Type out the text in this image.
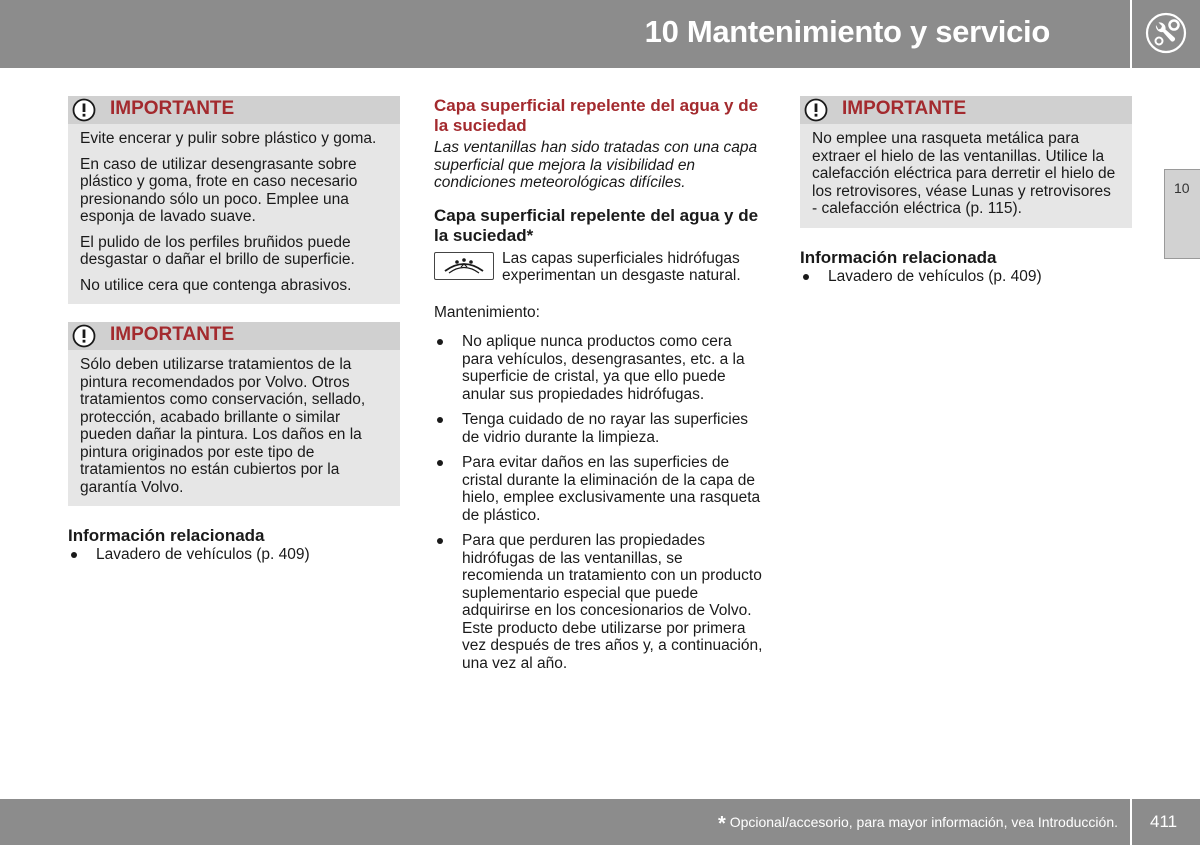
10 Mantenimiento y servicio
10
IMPORTANTE

Evite encerar y pulir sobre plástico y goma.

En caso de utilizar desengrasante sobre plástico y goma, frote en caso necesario presionando sólo un poco. Emplee una esponja de lavado suave.

El pulido de los perfiles bruñidos puede desgastar o dañar el brillo de superficie.

No utilice cera que contenga abrasivos.

IMPORTANTE

Sólo deben utilizarse tratamientos de la pintura recomendados por Volvo. Otros tratamientos como conservación, sellado, protección, acabado brillante o similar pueden dañar la pintura. Los daños en la pintura originados por este tipo de tratamientos no están cubiertos por la garantía Volvo.

Información relacionada
Lavadero de vehículos (p. 409)
Capa superficial repelente del agua y de la suciedad

Las ventanillas han sido tratadas con una capa superficial que mejora la visibilidad en condiciones meteorológicas difíciles.

Capa superficial repelente del agua y de la suciedad*
Las capas superficiales hidrófugas experimentan un desgaste natural.

Mantenimiento:

No aplique nunca productos como cera para vehículos, desengrasantes, etc. a la superficie de cristal, ya que ello puede anular sus propiedades hidrófugas.
Tenga cuidado de no rayar las superficies de vidrio durante la limpieza.
Para evitar daños en las superficies de cristal durante la eliminación de la capa de hielo, emplee exclusivamente una rasqueta de plástico.
Para que perduren las propiedades hidrófugas de las ventanillas, se recomienda un tratamiento con un producto suplementario especial que puede adquirirse en los concesionarios de Volvo. Este producto debe utilizarse por primera vez después de tres años y, a continuación, una vez al año.
IMPORTANTE

No emplee una rasqueta metálica para extraer el hielo de las ventanillas. Utilice la calefacción eléctrica para derretir el hielo de los retrovisores, véase Lunas y retrovisores - calefacción eléctrica (p. 115).

Información relacionada
Lavadero de vehículos (p. 409)
* Opcional/accesorio, para mayor información, vea Introducción. 411
